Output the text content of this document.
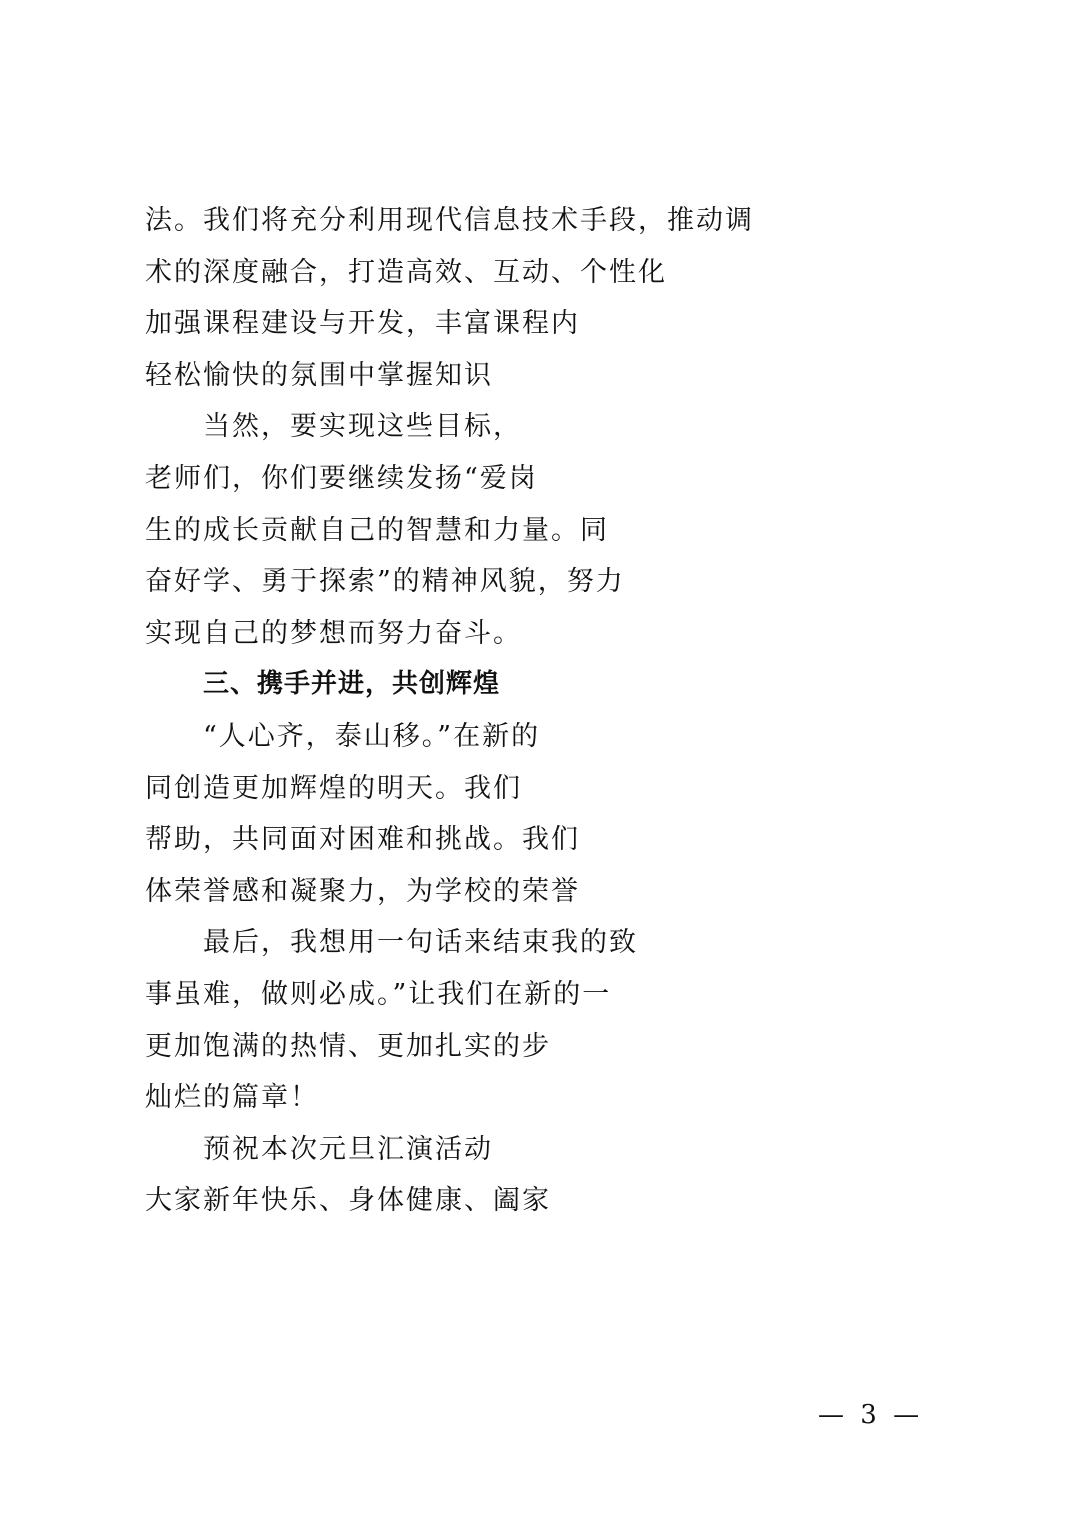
法。我们将充分利用现代信息技术手段，推动调
术的深度融合，打造高效、互动、个性化
加强课程建设与开发，丰富课程内
轻松愉快的氛围中掌握知识
当然，要实现这些目标，
老师们，你们要继续发扬“爱岗
生的成长贡献自己的智慧和力量。同
奋好学、勇于探索”的精神风貌，努力
实现自己的梦想而努力奋斗。
三、携手并进，共创辉煌
“人心齐，泰山移。”在新的
同创造更加辉煌的明天。我们
帮助，共同面对困难和挑战。我们
体荣誉感和凝聚力，为学校的荣誉
最后，我想用一句话来结束我的致
事虽难，做则必成。”让我们在新的一
更加饱满的热情、更加扎实的步
灿烂的篇章！
预祝本次元旦汇演活动
大家新年快乐、身体健康、阖家
— 3 —
